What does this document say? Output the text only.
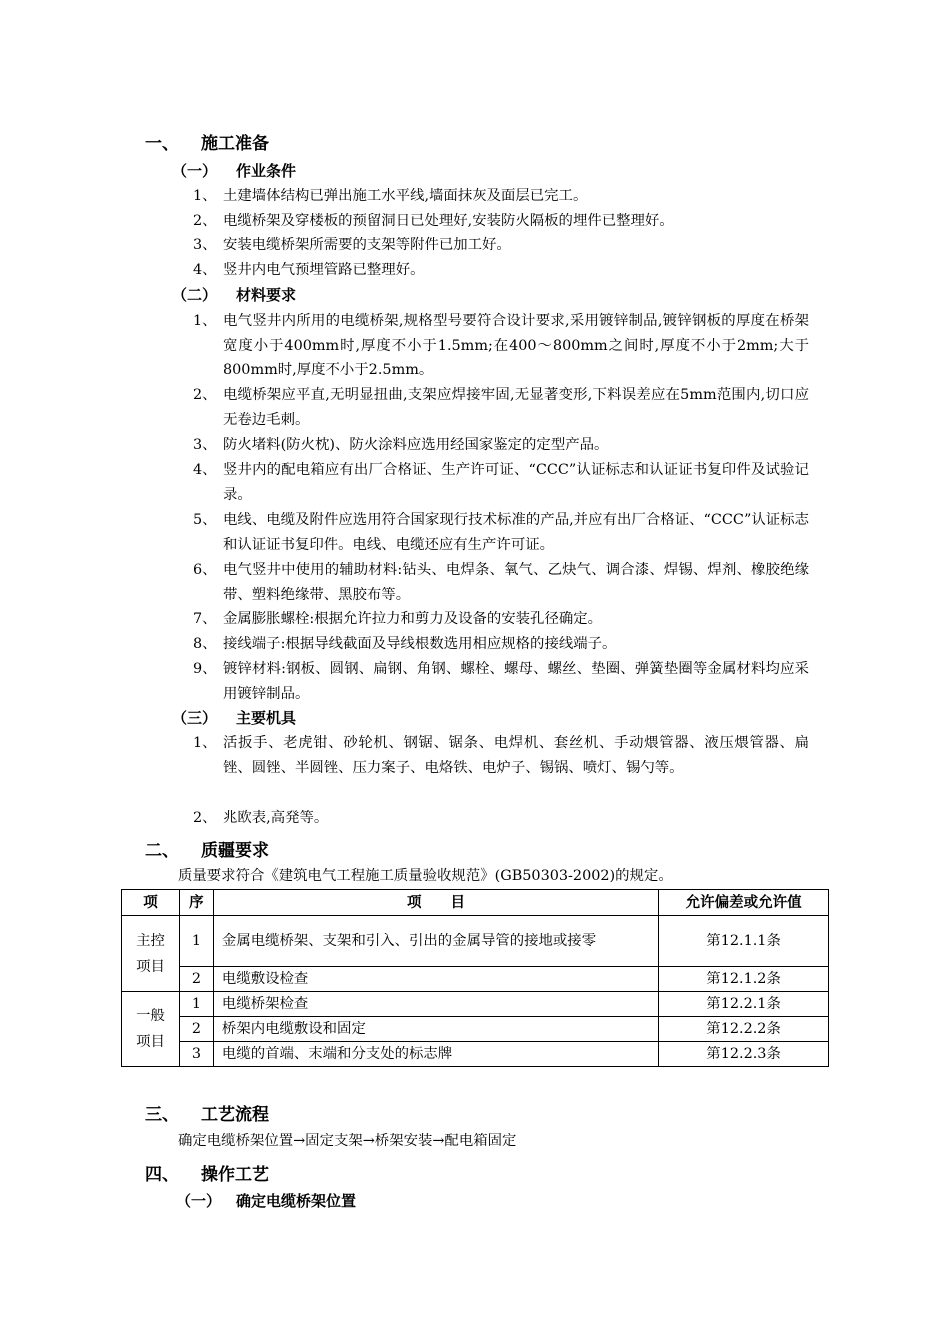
一、 施工准备
（一） 作业条件
1、 土建墙体结构已弹出施工水平线,墙面抹灰及面层已完工。
2、 电缆桥架及穿楼板的预留洞日已处理好,安装防火隔板的埋件已整理好。
3、 安装电缆桥架所需要的支架等附件已加工好。
4、 竖井内电气预埋管路已整理好。
（二） 材料要求
1、 电气竖井内所用的电缆桥架,规格型号要符合设计要求,采用镀锌制品,镀锌钢板的厚度在桥架宽度小于400mm时,厚度不小于1.5mm;在400～800mm之间时,厚度不小于2mm;大于800mm时,厚度不小于2.5mm。
2、 电缆桥架应平直,无明显扭曲,支架应焊接牢固,无显著变形,下料误差应在5mm范围内,切口应无卷边毛刺。
3、 防火堵料(防火枕)、防火涂料应选用经国家鉴定的定型产品。
4、 竖井内的配电箱应有出厂合格证、生产许可证、“CCC”认证标志和认证证书复印件及试验记录。
5、 电线、电缆及附件应选用符合国家现行技术标准的产品,并应有出厂合格证、“CCC”认证标志和认证证书复印件。电线、电缆还应有生产许可证。
6、 电气竖井中使用的辅助材料:钻头、电焊条、氧气、乙炔气、调合漆、焊锡、焊剂、橡胶绝缘带、塑料绝缘带、黑胶布等。
7、 金属膨胀螺栓:根据允许拉力和剪力及设备的安装孔径确定。
8、 接线端子:根据导线截面及导线根数选用相应规格的接线端子。
9、 镀锌材料:钢板、圆钢、扁钢、角钢、螺栓、螺母、螺丝、垫圈、弹簧垫圈等金属材料均应采用镀锌制品。
（三） 主要机具
1、 活扳手、老虎钳、砂轮机、钢锯、锯条、电焊机、套丝机、手动煨管器、液压煨管器、扁锉、圆锉、半圆锉、压力案子、电烙铁、电炉子、锡锅、喷灯、锡勺等。
2、 兆欧表,高発等。
二、 质疆要求
质量要求符合《建筑电气工程施工质量验收规范》(GB50303-2002)的规定。
项	序	项　　目	允许偏差或允许值
主控项目	1	金属电缆桥架、支架和引入、引出的金属导管的接地或接零	第12.1.1条
	2	电缆敷设检查	第12.1.2条
一般项目	1	电缆桥架检查	第12.2.1条
	2	桥架内电缆敷设和固定	第12.2.2条
	3	电缆的首端、末端和分支处的标志牌	第12.2.3条
三、 工艺流程
确定电缆桥架位置→固定支架→桥架安装→配电箱固定
四、 操作工艺
（一） 确定电缆桥架位置
